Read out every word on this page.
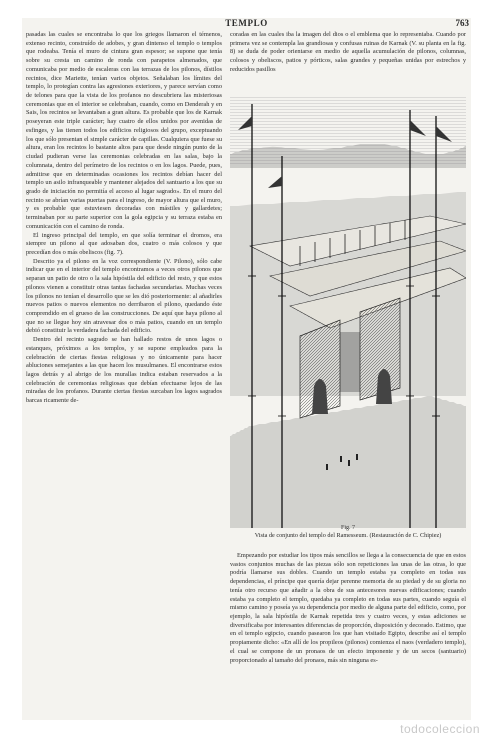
TEMPLO	763

pasadas las cuales se encontraba lo que los griegos llamaron el témenos, extenso recinto, construído de adobes, y gran dintenso el templo o templos que rodeaba. Tenía el muro de cintura gran espesor; se supone que tenía sobre su cresta un camino de ronda con parapetos almenados, que comunicaba por medio de escaleras con las terrazas de los pilonos, dístilos recintos, dice Mariette, tenían varios objetos. Señalaban los límites del templo, lo protegían contra las agresiones exteriores, y parece servían como de telones para que la vista de los profanos no descubriera las misteriosas ceremonias que en el interior se celebraban, cuando, como en Denderah y en Sais, los recintos se levantaban a gran altura. Es probable que los de Karnak poseyeran este triple carácter; hay cuatro de ellos unidos por avenidas de esfinges, y las tienen todos los edificios religiosos del grupo, exceptuando los que sólo presentan el simple carácter de capillas. Cualquiera que fuese su altura, eran los recintos lo bastante altos para que desde ningún punto de la ciudad pudieran verse las ceremonias celebradas en las salas, bajo la columnata, dentro del perímetro de los recintos o en los lagos. Puede, pues, admitirse que en determinadas ocasiones los recintos debían hacer del templo un asilo infranqueable y mantener alejados del santuario a los que su grado de iniciación no permitía el acceso al lugar sagrado». En el muro del recinto se abrían varias puertas para el ingreso, de mayor altura que el muro, y es probable que estuviesen decoradas con mástiles y gallardetes; terminaban por su parte superior con la gola egipcia y su terraza estaba en comunicación con el camino de ronda.

El ingreso principal del templo, en que solía terminar el dromos, era siempre un pilono al que adosaban dos, cuatro o más colosos y que precedían dos o más obeliscos (fig. 7).

Descrito ya el pilono en la voz correspondiente (V. Pilono), sólo cabe indicar que en el interior del templo encontramos a veces otros pilonos que separan un patio de otro o la sala hipóstila del edificio del resto, y que estos pilonos vienen a constituir otras tantas fachadas secundarias. Muchas veces los pilonos no tenían el desarrollo que se les dió posteriormente: al añadirles nuevos patios o nuevos elementos no derribaron el pilono, quedando éste comprendido en el grueso de las construcciones. De aquí que haya pilono al que no se llegue hoy sin atravesar dos o más patios, cuando en un templo debió constituir la verdadera fachada del edificio.

Dentro del recinto sagrado se han hallado restos de unos lagos o estanques, próximos a los templos, y se supone empleados para la celebración de ciertas fiestas religiosas y no únicamente para hacer abluciones semejantes a las que hacen los musulmanes. El encontrarse estos lagos detrás y al abrigo de los murallas indica estaban reservados a la celebración de ceremonias religiosas que debían efectuarse lejos de las miradas de los profanos. Durante ciertas fiestas surcaban los lagos sagrados barcas ricamente de-

coradas en las cuales iba la imagen del dios o el emblema que lo representaba. Cuando por primera vez se contempla las grandiosas y confusas ruinas de Karnak (V. su planta en la fig. 8) se duda de poder orientarse en medio de aquella acumulación de pilonos, columnas, colosos y obeliscos, patios y pórticos, salas grandes y pequeñas unidas por estrechos y reducidos pasillos

Fig. 7
Vista de conjunto del templo del Ramesseum. (Restauración de C. Chipiez)

Empezando por estudiar los tipos más sencillos se llega a la consecuencia de que en estos vastos conjuntos muchas de las piezas sólo son repeticiones las unas de las otras, lo que podría llamarse sus dobles. Cuando un templo estaba ya completo en todas sus dependencias, el príncipe que quería dejar perenne memoria de su piedad y de su gloria no tenía otro recurso que añadir a la obra de sus antecesores nuevas edificaciones; cuando estaba ya completo el templo, quedaba ya completo en todas sus partes, cuando seguía el mismo camino y poseía ya su dependencia por medio de alguna parte del edificio, como, por ejemplo, la sala hipóstila de Karnak repetida tres y cuatro veces, y estas adiciones se diversificaba por interesantes diferencias de proporción, disposición y decorado. Estimo, que en el templo egipcio, cuando pasearon los que han visitado Egipto, describe así el templo propiamente dicho: «En allí de los propileos (pilonos) comienza el naos (verdadero templo), el cual se compone de un pronaos de un efecto imponente y de un secos (santuario) proporcionado al tamaño del pronaos, más sin ninguna es-

todocoleccion
